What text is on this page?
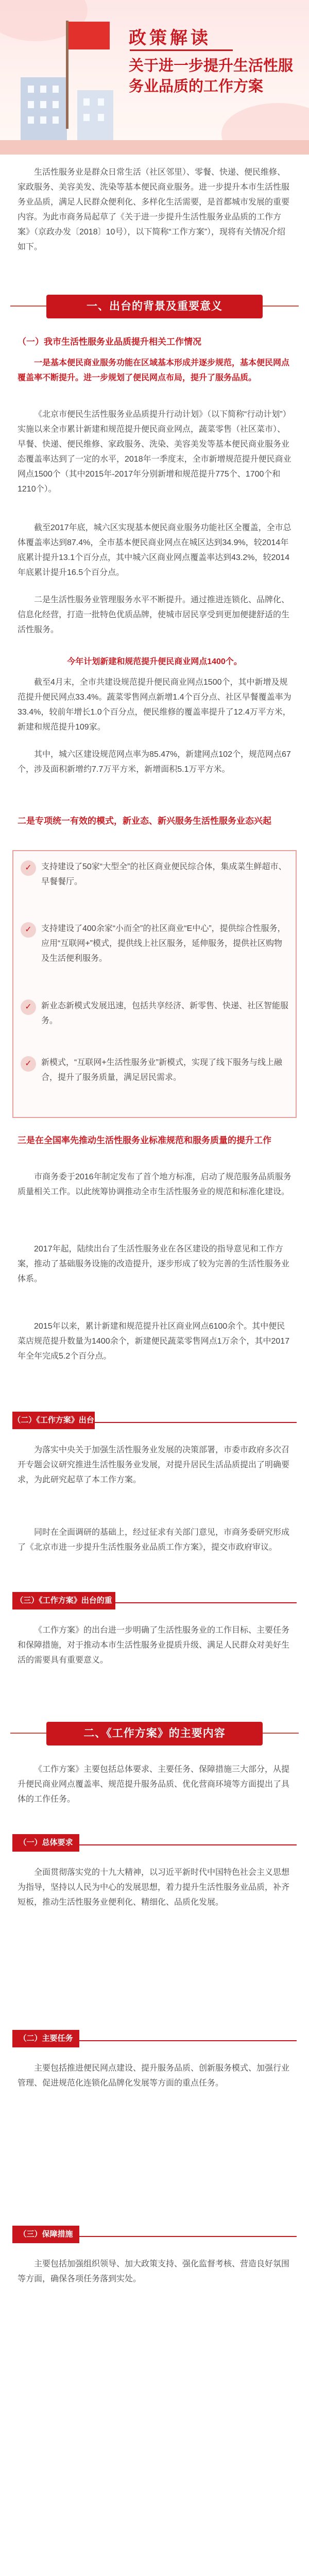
政策解读
关于进一步提升生活性服务业品质的工作方案
生活性服务业是群众日常生活（社区邻里）、零餐、快递、便民维修、家政服务、美容美发、洗染等基本便民商业服务。进一步提升本市生活性服务业品质，满足人民群众便利化、多样化生活需要，是首都城市发展的重要内容。为此市商务局起草了《关于进一步提升生活性服务业品质的工作方案》（京政办发〔2018〕10号），以下简称“工作方案”），现将有关情况介绍如下。
一、出台的背景及重要意义
（一）我市生活性服务业品质提升相关工作情况
一是基本便民商业服务功能在区域基本形成并逐步规范，基本便民网点覆盖率不断提升。进一步规划了便民网点布局，提升了服务品质。
《北京市便民生活性服务业品质提升行动计划》（以下简称“行动计划”）实施以来全市累计新建和规范提升便民商业网点，蔬菜零售（社区菜市）、早餐、快递、便民维修、家政服务、洗染、美容美发等基本便民商业服务业态覆盖率达到了一定的水平，2018年一季度末，全市新增规范提升便民商业网点1500个（其中2015年-2017年分别新增和规范提升775个、1700个和1210个）。
截至2017年底，城六区实现基本便民商业服务功能社区全覆盖，全市总体覆盖率达到87.4%，全市基本便民商业网点在城区达到34.9%，较2014年底累计提升13.1个百分点，其中城六区商业网点覆盖率达到43.2%，较2014年底累计提升16.5个百分点。
二是生活性服务业管理服务水平不断提升。通过推进连锁化、品牌化、信息化经营，打造一批特色优质品牌，使城市居民享受到更加便捷舒适的生活性服务。
今年计划新建和规范提升便民商业网点1400个。
截至4月末，全市共建设规范提升便民商业网点1500个，其中新增及规范提升便民网点33.4%。蔬菜零售网点新增1.4个百分点、社区早餐覆盖率为33.4%，较前年增长1.0个百分点，便民维修的覆盖率提升了12.4万平方米，新建和规范提升109家。
其中，城六区建设规范网点率为85.47%，新建网点102个，规范网点67个，涉及面积新增约7.7万平方米，新增面积5.1万平方米。
二是专项统一有效的模式，新业态、新兴服务生活性服务业态兴起
✓	支持建设了50家“大型全”的社区商业便民综合体，集成菜生鲜超市、早餐餐厅。
✓	支持建设了400余家“小而全”的社区商业“E中心”，提供综合性服务，应用“互联网+”模式，提供线上社区服务，延伸服务，提供社区购物及生活便利服务。
✓	新业态新模式发展迅速，包括共享经济、新零售、快递、社区智能服务。
✓	新模式，“互联网+生活性服务业”新模式，实现了线下服务与线上融合，提升了服务质量，满足居民需求。
三是在全国率先推动生活性服务业标准规范和服务质量的提升工作
市商务委于2016年制定发布了首个地方标准，启动了规范服务品质服务质量相关工作。以此统筹协调推动全市生活性服务业的规范和标准化建设。
2017年起，陆续出台了生活性服务业在各区建设的指导意见和工作方案，推动了基础服务设施的改造提升，逐步形成了较为完善的生活性服务业体系。
2015年以来，累计新建和规范提升社区商业网点6100余个。其中便民菜店规范提升数量为1400余个，新建便民蔬菜零售网点1万余个，其中2017年全年完成5.2个百分点。
（二）《工作方案》出台的背景
为落实中央关于加强生活性服务业发展的决策部署，市委市政府多次召开专题会议研究推进生活性服务业发展，对提升居民生活品质提出了明确要求，为此研究起草了本工作方案。
同时在全面调研的基础上，经过征求有关部门意见，市商务委研究形成了《北京市进一步提升生活性服务业品质工作方案》，提交市政府审议。
（三）《工作方案》出台的重要意义
《工作方案》的出台进一步明确了生活性服务业的工作目标、主要任务和保障措施，对于推动本市生活性服务业提质升级、满足人民群众对美好生活的需要具有重要意义。
二、《工作方案》的主要内容
《工作方案》主要包括总体要求、主要任务、保障措施三大部分，从提升便民商业网点覆盖率、规范提升服务品质、优化营商环境等方面提出了具体的工作任务。
（一）总体要求
全面贯彻落实党的十九大精神，以习近平新时代中国特色社会主义思想为指导，坚持以人民为中心的发展思想，着力提升生活性服务业品质，补齐短板，推动生活性服务业便利化、精细化、品质化发展。
（二）主要任务
主要包括推进便民网点建设、提升服务品质、创新服务模式、加强行业管理、促进规范化连锁化品牌化发展等方面的重点任务。
（三）保障措施
主要包括加强组织领导、加大政策支持、强化监督考核、营造良好氛围等方面，确保各项任务落到实处。
